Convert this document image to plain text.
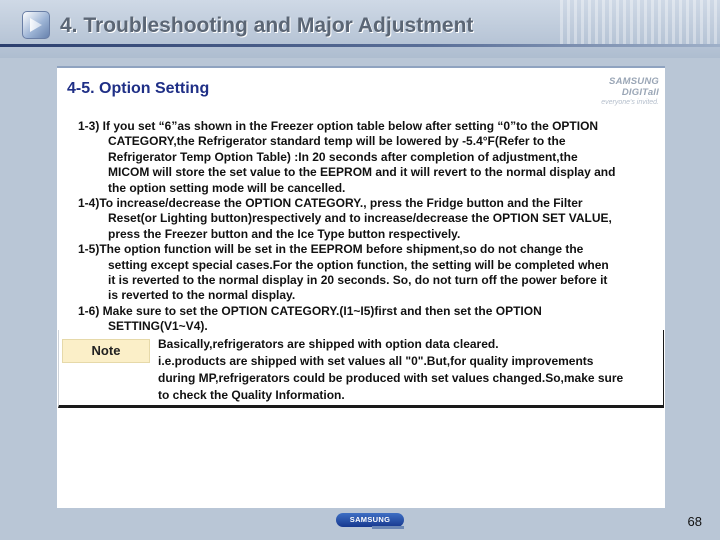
4. Troubleshooting and Major Adjustment
4-5. Option Setting	SAMSUNG DIGITall
everyone's invited.
1-3) If you set “6”as shown in the Freezer option table below after setting “0”to the OPTION
CATEGORY,the Refrigerator standard temp will be lowered by -5.4°F(Refer to the
Refrigerator Temp Option Table) :In 20 seconds after completion of adjustment,the
MICOM will store the set value to the EEPROM and it will revert to the normal display and
the option setting mode will be cancelled.
1-4)To increase/decrease the OPTION CATEGORY., press the Fridge button and the Filter
Reset(or Lighting button)respectively and to increase/decrease the OPTION SET VALUE,
press the Freezer button and the Ice Type button respectively.
1-5)The option function will be set in the EEPROM before shipment,so do not change the
setting except special cases.For the option function, the setting will be completed when
it is reverted to the normal display in 20 seconds. So, do not turn off the power before it
is reverted to the normal display.
1-6) Make sure to set the OPTION CATEGORY.(I1~I5)first and then set the OPTION
SETTING(V1~V4).
Note	Basically,refrigerators are shipped with option data cleared.
i.e.products are shipped with set values all "0".But,for quality improvements
during MP,refrigerators could be produced with set values changed.So,make sure
to check the Quality Information.
SAMSUNG	68
